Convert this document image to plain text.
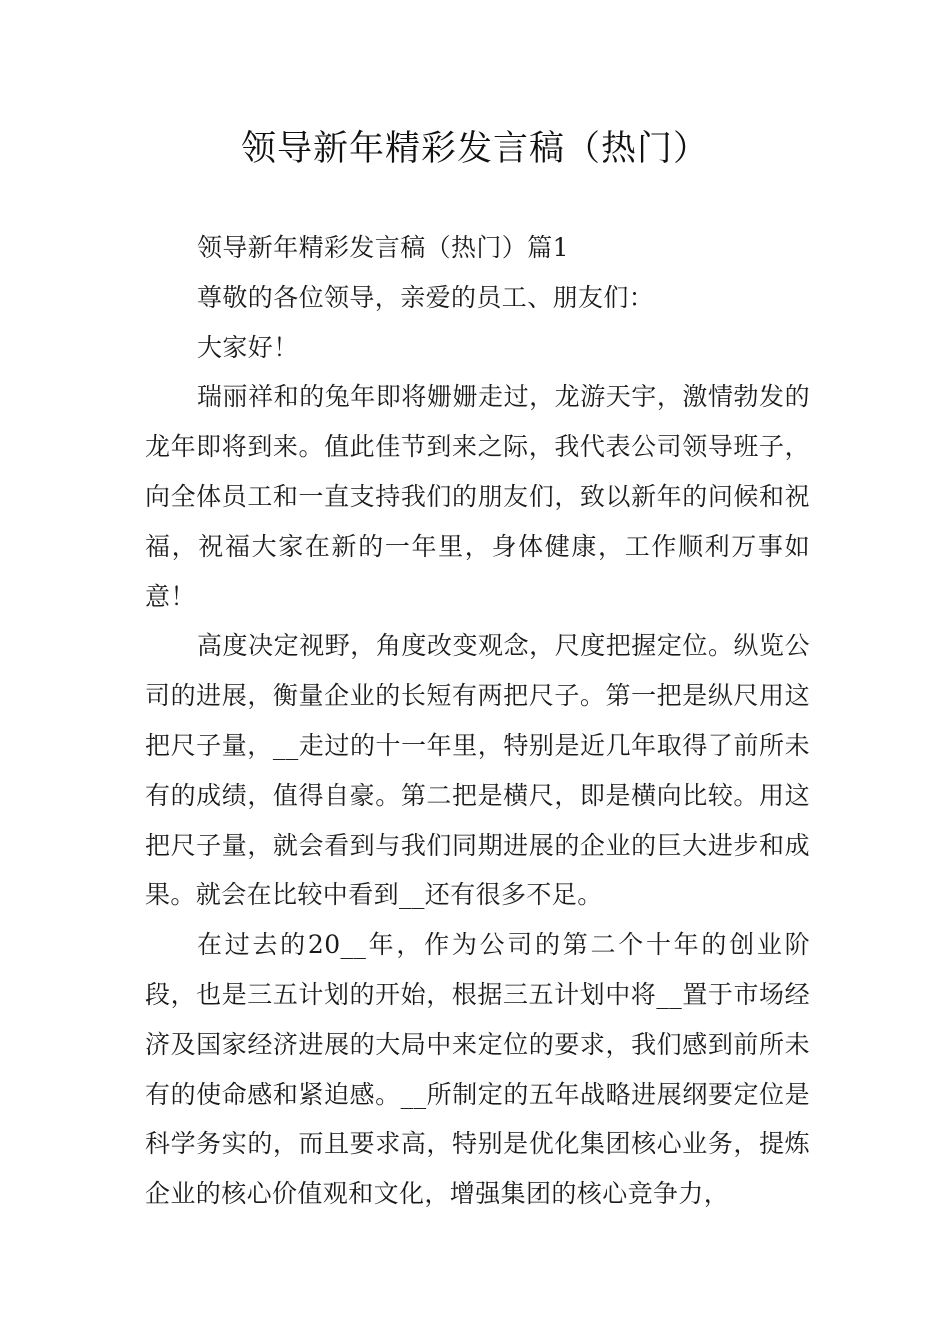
领导新年精彩发言稿（热门）

领导新年精彩发言稿（热门）篇1

尊敬的各位领导，亲爱的员工、朋友们：

大家好！

瑞丽祥和的兔年即将姗姗走过，龙游天宇，激情勃发的龙年即将到来。值此佳节到来之际，我代表公司领导班子，向全体员工和一直支持我们的朋友们，致以新年的问候和祝福，祝福大家在新的一年里，身体健康，工作顺利万事如意！

高度决定视野，角度改变观念，尺度把握定位。纵览公司的进展，衡量企业的长短有两把尺子。第一把是纵尺用这把尺子量，__走过的十一年里，特别是近几年取得了前所未有的成绩，值得自豪。第二把是横尺，即是横向比较。用这把尺子量，就会看到与我们同期进展的企业的巨大进步和成果。就会在比较中看到__还有很多不足。

在过去的20__年，作为公司的第二个十年的创业阶段，也是三五计划的开始，根据三五计划中将__置于市场经济及国家经济进展的大局中来定位的要求，我们感到前所未有的使命感和紧迫感。__所制定的五年战略进展纲要定位是科学务实的，而且要求高，特别是优化集团核心业务，提炼企业的核心价值观和文化，增强集团的核心竞争力，
